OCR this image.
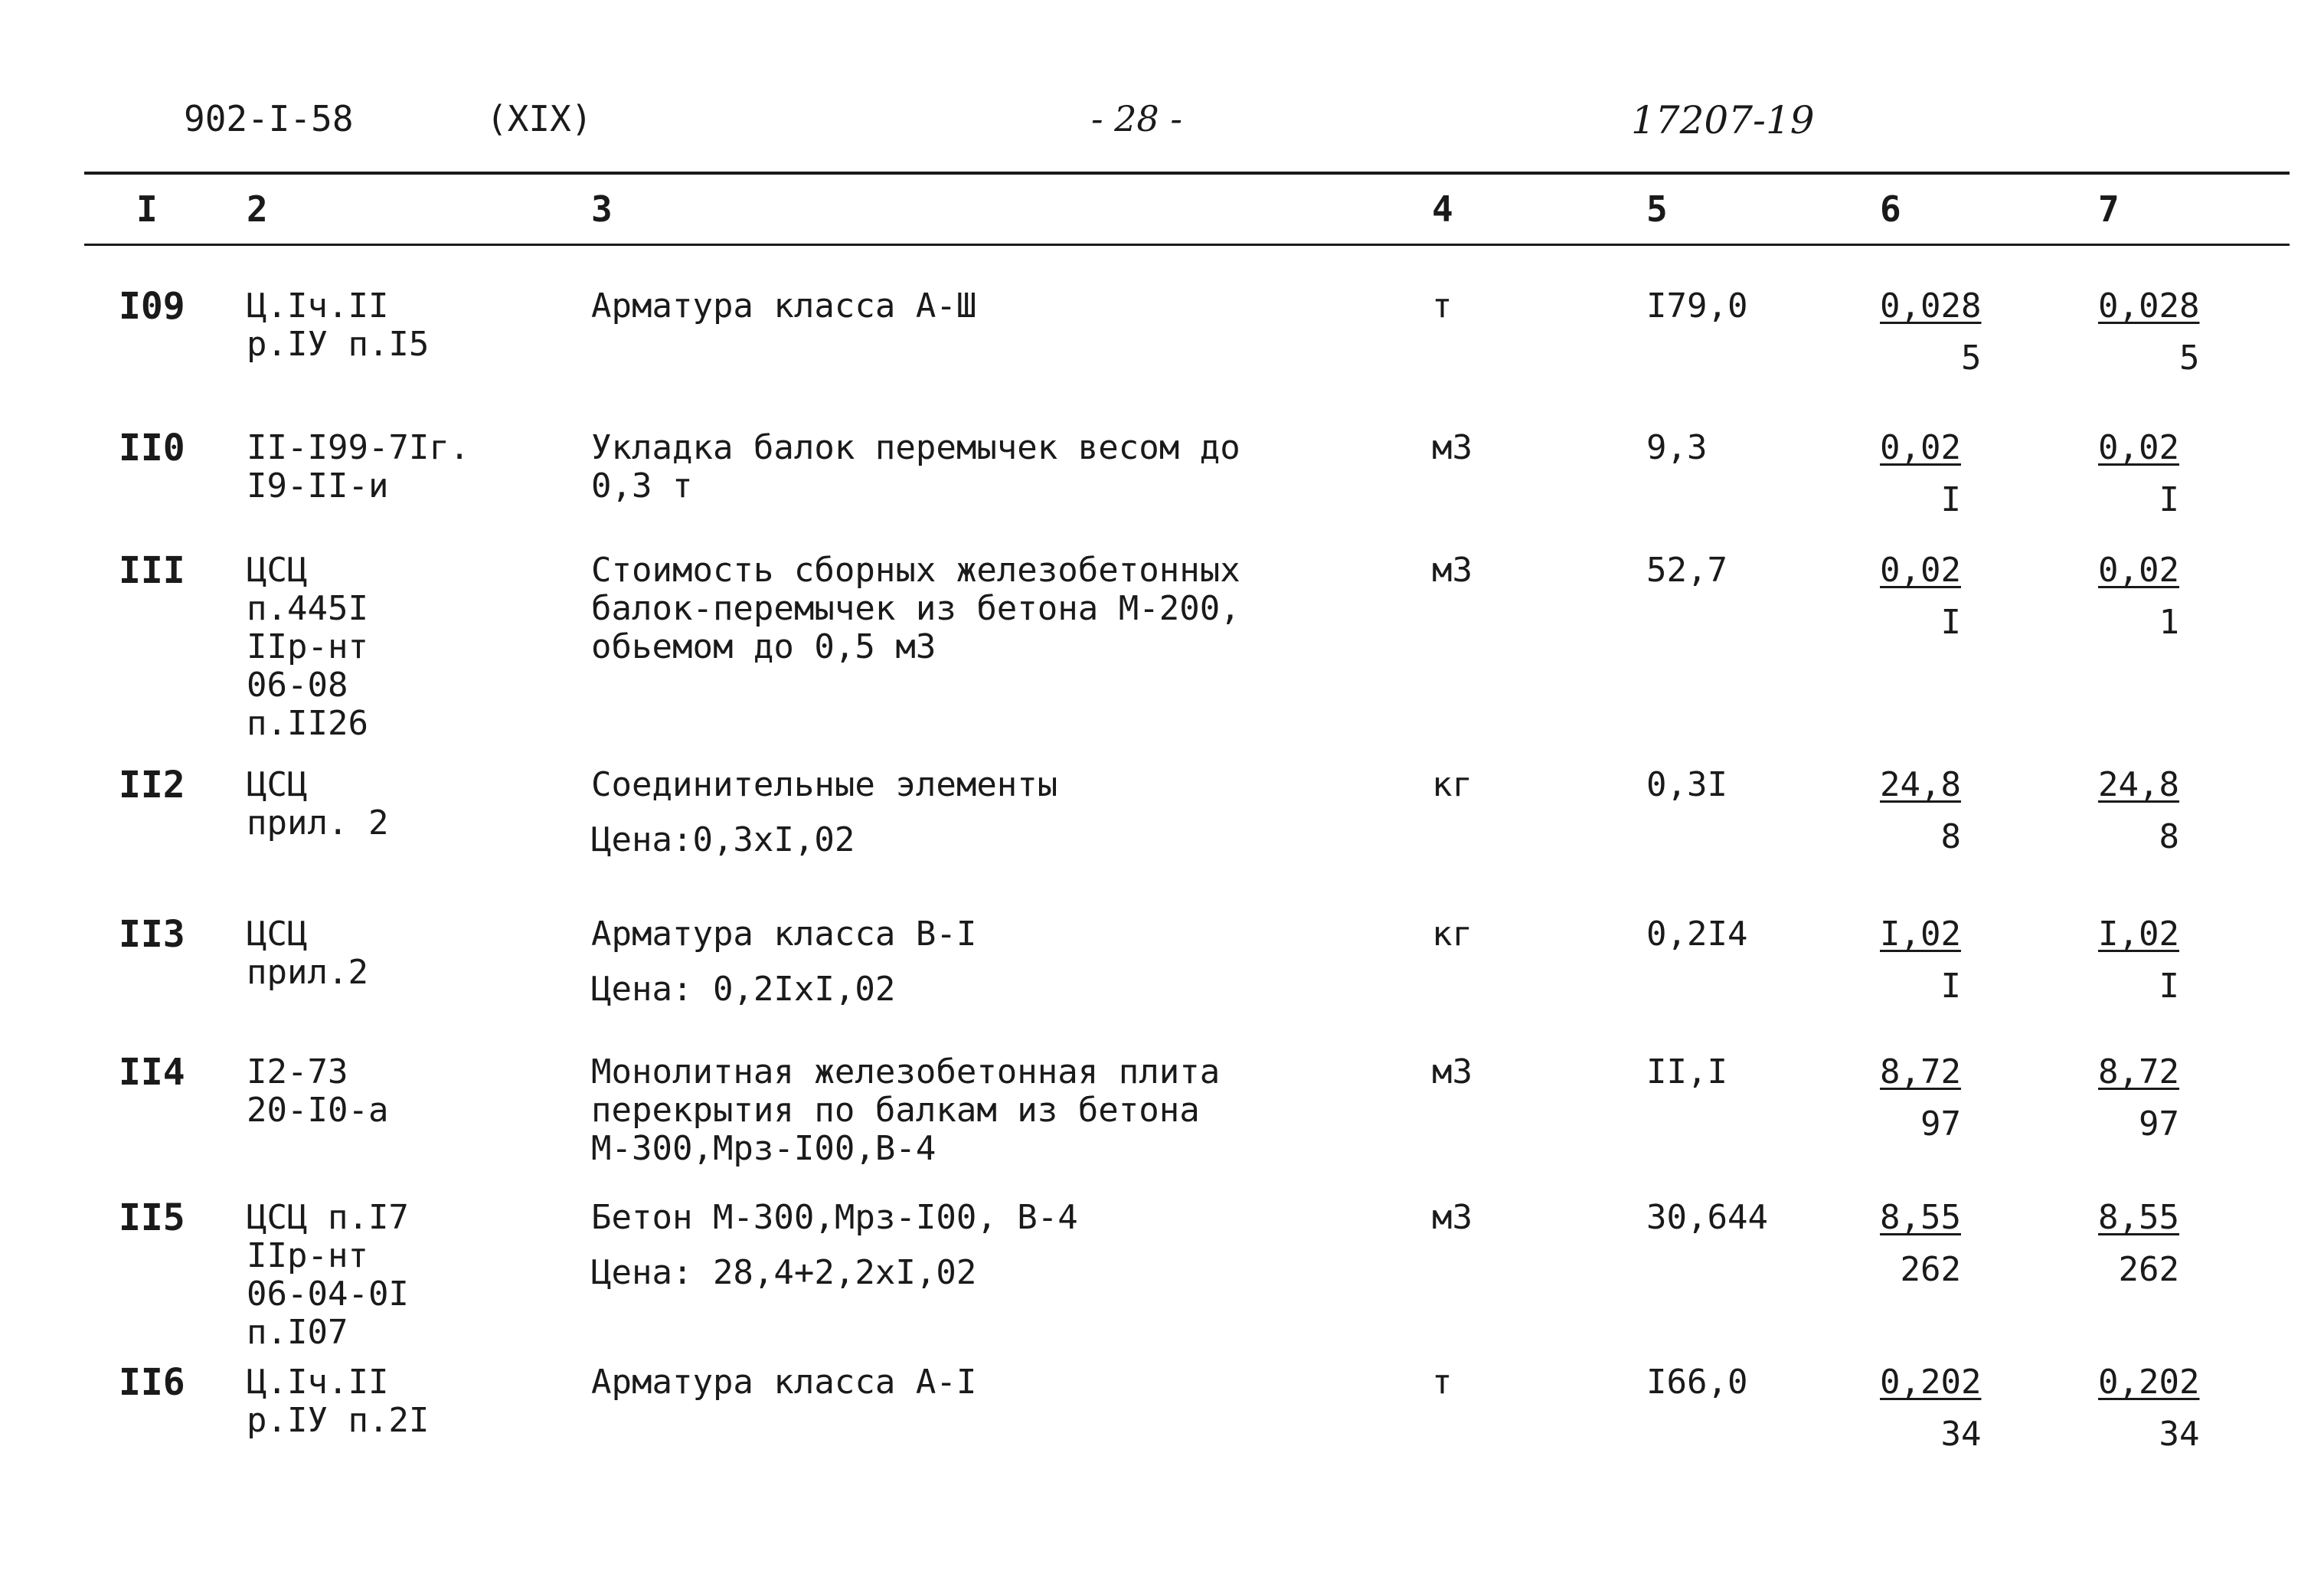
902-I-58	(XIX)	- 28 -	17207-19
I	2	3	4	5	6	7
I09 Ц.Iч.II
р.IУ п.I5
Арматура класса А-Ш	т	I79,0	$\frac{0,028}{5}$	$\frac{0,028}{5}$
II0 II-I99-7Iг.
I9-II-и
Укладка балок перемычек весом до
0,3 т
м3	9,3	$\frac{0,02}{I}$	$\frac{0,02}{I}$
III ЦСЦ
п.445I
IIр-нт
06-08
п.II26
Стоимость сборных железобетонных
балок-перемычек из бетона М-200,
обьемом до 0,5 м3
м3	52,7	$\frac{0,02}{I}$	$\frac{0,02}{1}$
II2 ЦСЦ
прил. 2
Соединительные элементы
Цена:0,3хI,02
кг	0,3I	$\frac{24,8}{8}$	$\frac{24,8}{8}$
II3 ЦСЦ
прил.2
Арматура класса В-I
Цена: 0,2IхI,02
кг	0,2I4	$\frac{I,02}{I}$	$\frac{I,02}{I}$
II4 I2-73
20-I0-а
Монолитная железобетонная плита
перекрытия по балкам из бетона
М-300,Мрз-I00,В-4
м3	II,I	$\frac{8,72}{97}$	$\frac{8,72}{97}$
II5 ЦСЦ п.I7
IIр-нт
06-04-0I
п.I07
Бетон М-300,Мрз-I00, В-4
Цена: 28,4+2,2хI,02
м3	30,644	$\frac{8,55}{262}$	$\frac{8,55}{262}$
II6 Ц.Iч.II
р.IУ п.2I
Арматура класса А-I	т	I66,0	$\frac{0,202}{34}$	$\frac{0,202}{34}$
